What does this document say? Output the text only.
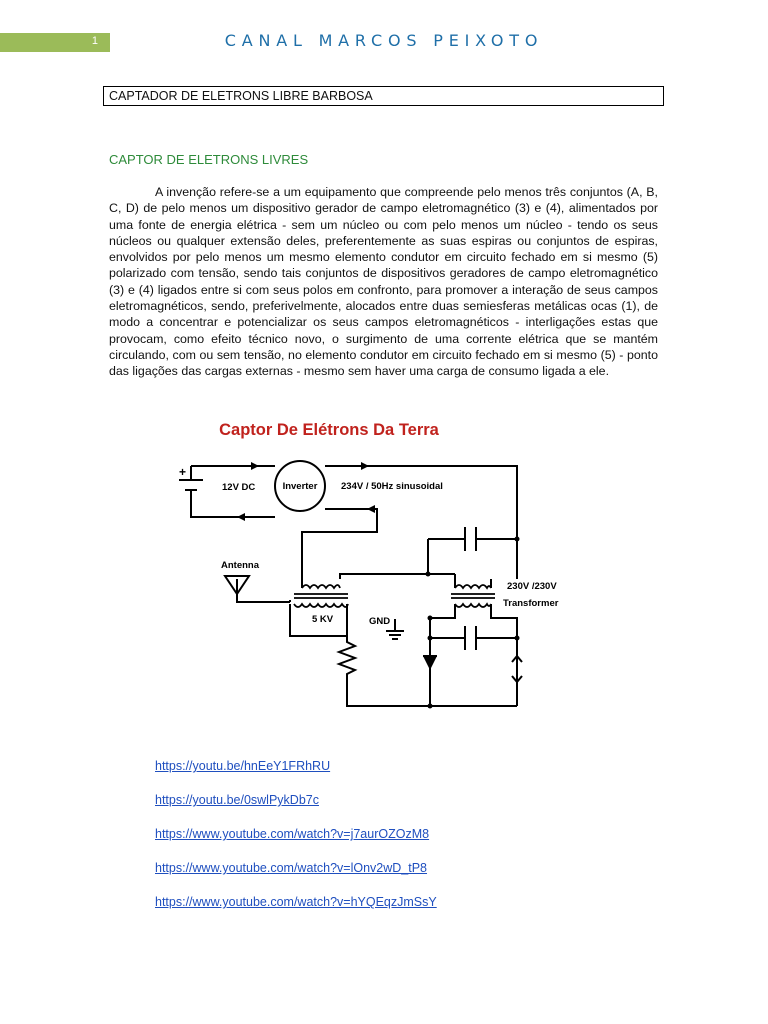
1	CANAL MARCOS PEIXOTO
CAPTADOR DE ELETRONS LIBRE BARBOSA
CAPTOR DE ELETRONS LIVRES

A invenção refere-se a um equipamento que compreende pelo menos três conjuntos (A, B, C, D) de pelo menos um dispositivo gerador de campo eletromagnético (3) e (4), alimentados por uma fonte de energia elétrica - sem um núcleo ou com pelo menos um núcleo - tendo os seus núcleos ou qualquer extensão deles, preferentemente as suas espiras ou conjuntos de espiras, envolvidos por pelo menos um mesmo elemento condutor em circuito fechado em si mesmo (5) polarizado com tensão, sendo tais conjuntos de dispositivos geradores de campo eletromagnético (3) e (4) ligados entre si com seus polos em confronto, para promover a interação de seus campos eletromagnéticos, sendo, preferivelmente, alocados entre duas semiesferas metálicas ocas (1), de modo a concentrar e potencializar os seus campos eletromagnéticos - interligações estas que provocam, como efeito técnico novo, o surgimento de uma corrente elétrica que se mantém circulando, com ou sem tensão, no elemento condutor em circuito fechado em si mesmo (5) - ponto das ligações das cargas externas - mesmo sem haver uma carga de consumo ligada a ele.

Captor De Elétrons Da Terra
+
12V DC	Inverter 234V / 50Hz sinusoidal
Antenna
5 KV	GND
230V /230V
Transformer
https://youtu.be/hnEeY1FRhRU
https://youtu.be/0swlPykDb7c
https://www.youtube.com/watch?v=j7aurOZOzM8
https://www.youtube.com/watch?v=lOnv2wD_tP8
https://www.youtube.com/watch?v=hYQEqzJmSsY
